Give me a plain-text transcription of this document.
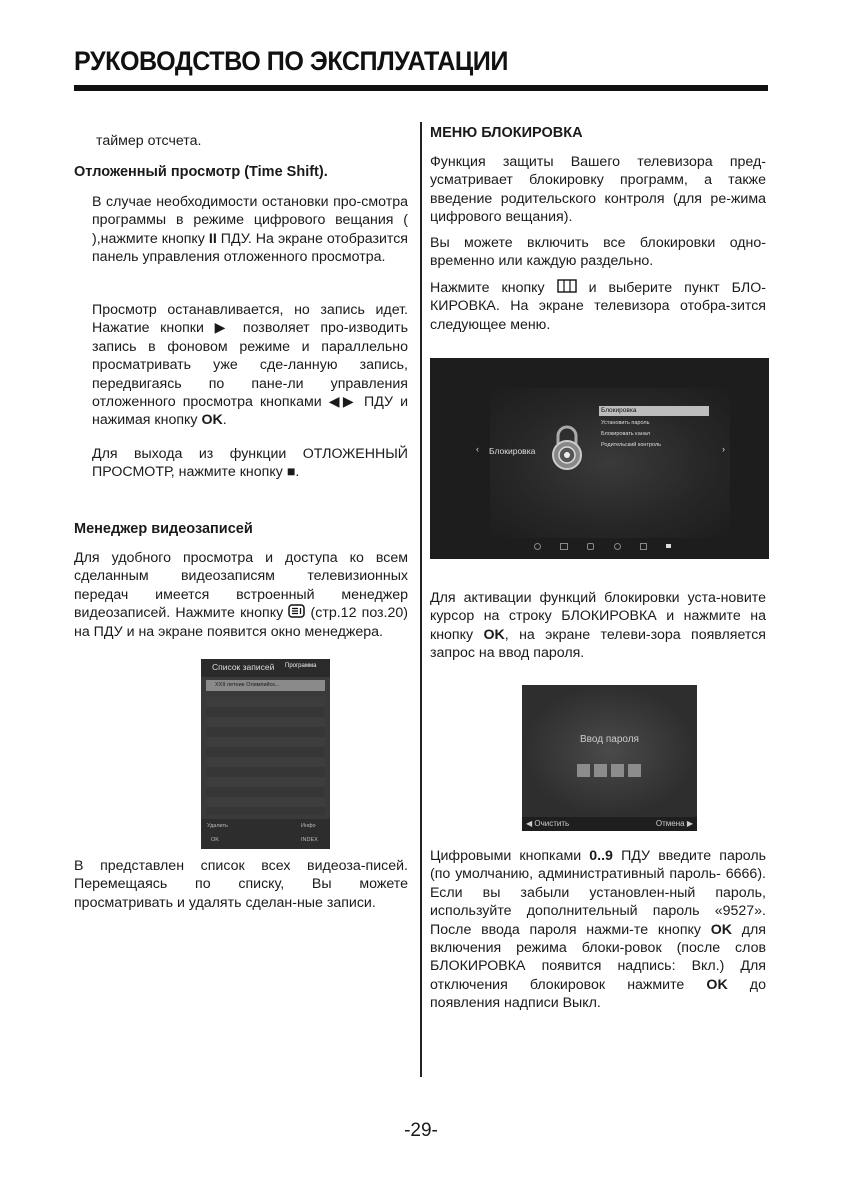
РУКОВОДСТВО ПО ЭКСПЛУАТАЦИИ

таймер отсчета.

Отложенный просмотр (Time Shift).

В случае необходимости остановки про-смотра программы в режиме цифрового вещания ( ),нажмите кнопку II ПДУ. На экране отобразится панель управления отложенного просмотра.

Просмотр останавливается, но запись идет. Нажатие кнопки ▶ позволяет про-изводить запись в фоновом режиме и параллельно просматривать уже сде-ланную запись, передвигаясь по пане-ли управления отложенного просмотра кнопками ◀▶ ПДУ и нажимая кнопку OK.

Для выхода из функции ОТЛОЖЕННЫЙ ПРОСМОТР, нажмите кнопку ■.

Менеджер видеозаписей

Для удобного просмотра и доступа ко всем сделанным видеозаписям телевизионных передач имеется встроенный менеджер видеозаписей. Нажмите кнопку  (стр.12 поз.20) на ПДУ и на экране появится окно менеджера.

Список записей Программа
XXII летние Олимпийск...
Удалить	Инфо
OK	INDEX

В представлен список всех видеоза-писей. Перемещаясь по списку, Вы можете просматривать и удалять сделан-ные записи.

МЕНЮ БЛОКИРОВКА

Функция защиты Вашего телевизора пред-усматривает блокировку программ, а также введение родительского контроля (для ре-жима цифрового вещания).

Вы можете включить все блокировки одно-временно или каждую раздельно.

Нажмите кнопку  и выберите пункт БЛО-КИРОВКА. На экране телевизора отобра-зится следующее меню.

‹ Блокировка
Блокировка
Установить пароль
Блокировать канал
Родительский контроль	›

Для активации функций блокировки уста-новите курсор на строку БЛОКИРОВКА и нажмите на кнопку OK, на экране телеви-зора появляется запрос на ввод пароля.

Ввод пароля
◀ Очистить	Отмена ▶

Цифровыми кнопками 0..9 ПДУ введите пароль (по умолчанию, административный пароль- 6666). Если вы забыли установлен-ный пароль, используйте дополнительный пароль «9527». После ввода пароля нажми-те кнопку OK для включения режима блоки-ровок (после слов БЛОКИРОВКА появится надпись: Вкл.) Для отключения блокировок нажмите OK до появления надписи Выкл.

-29-
